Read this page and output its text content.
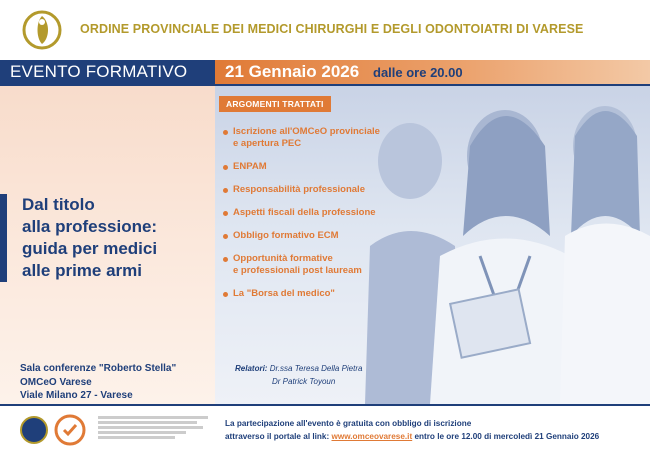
ORDINE PROVINCIALE DEI MEDICI CHIRURGHI E DEGLI ODONTOIATRI DI VARESE
EVENTO FORMATIVO 21 Gennaio 2026 dalle ore 20.00
Dal titolo
alla professione:
guida per medici
alle prime armi
Sala conferenze "Roberto Stella"
OMCeO Varese
Viale Milano 27 - Varese
ARGOMENTI TRATTATI
Iscrizione all'OMCeO provinciale
e apertura PEC
ENPAM
Responsabilità professionale
Aspetti fiscali della professione
Obbligo formativo ECM
Opportunità formative
e professionali post lauream
La "Borsa del medico"
Relatori: Dr.ssa Teresa Della Pietra
Dr Patrick Toyoun
La partecipazione all'evento è gratuita con obbligo di iscrizione
attraverso il portale al link: www.omceovarese.it entro le ore 12.00 di mercoledì 21 Gennaio 2026
